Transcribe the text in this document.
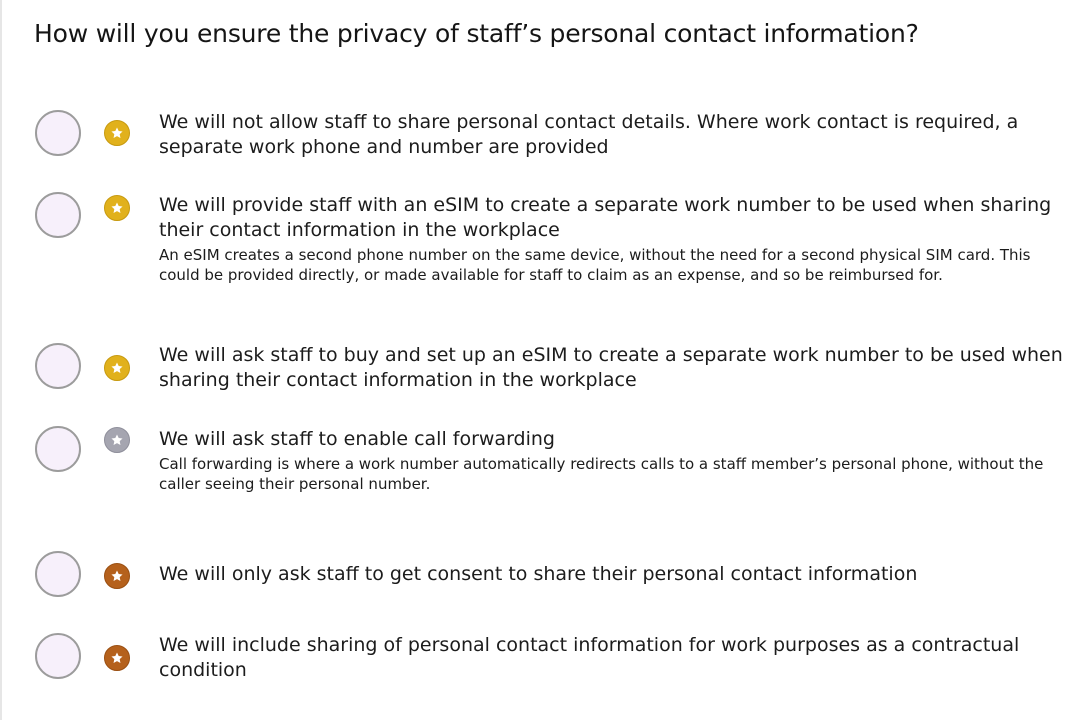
How will you ensure the privacy of staff’s personal contact information?
We will not allow staff to share personal contact details. Where work contact is required, a separate work phone and number are provided
We will provide staff with an eSIM to create a separate work number to be used when sharing their contact information in the workplace
An eSIM creates a second phone number on the same device, without the need for a second physical SIM card. This could be provided directly, or made available for staff to claim as an expense, and so be reimbursed for.
We will ask staff to buy and set up an eSIM to create a separate work number to be used when sharing their contact information in the workplace
We will ask staff to enable call forwarding
Call forwarding is where a work number automatically redirects calls to a staff member’s personal phone, without the caller seeing their personal number.
We will only ask staff to get consent to share their personal contact information
We will include sharing of personal contact information for work purposes as a contractual condition
